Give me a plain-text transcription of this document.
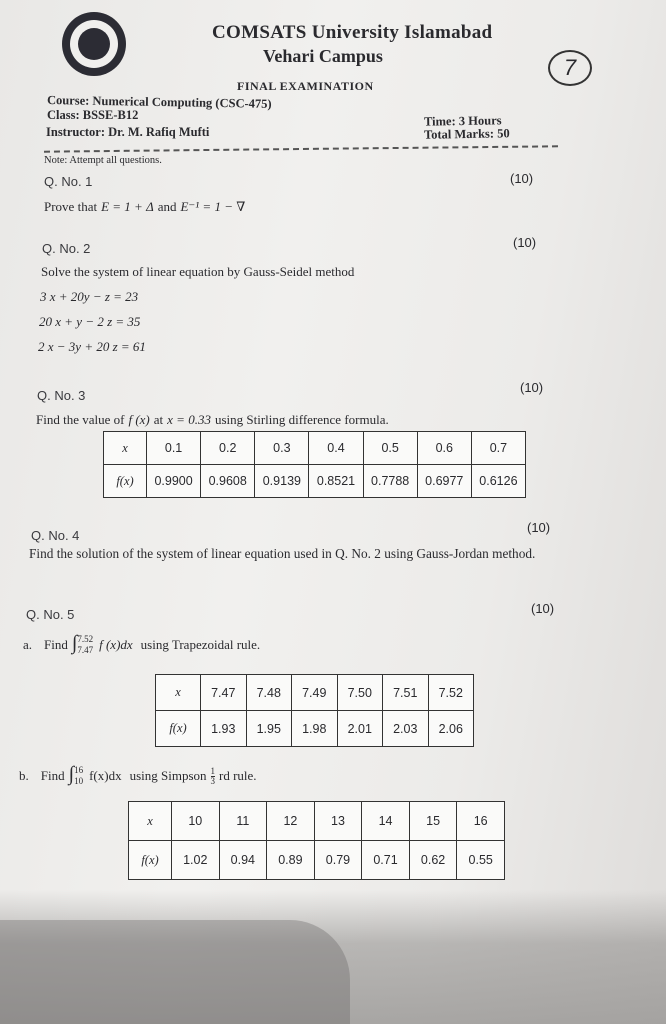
COMSATS University Islamabad
Vehari Campus	7
FINAL EXAMINATION
Course: Numerical Computing (CSC-475)
Class: BSSE-B12
Instructor: Dr. M. Rafiq Mufti
Time: 3 Hours
Total Marks: 50
Note: Attempt all questions.
Q. No. 1	(10)
Prove that E = 1 + Δ and E⁻¹ = 1 − ∇
Q. No. 2	(10)
Solve the system of linear equation by Gauss-Seidel method
3 x + 20y − z = 23
20 x + y − 2 z = 35
2 x − 3y + 20 z = 61
Q. No. 3
(10)
Find the value of f (x) at x = 0.33 using Stirling difference formula.
x	0.1	0.2	0.3	0.4	0.5	0.6	0.7
f(x)	0.9900	0.9608	0.9139	0.8521	0.7788	0.6977	0.6126
Q. No. 4
(10)
Find the solution of the system of linear equation used in Q. No. 2 using Gauss-Jordan method.
Q. No. 5	(10)
a. Find ∫ 7.52
7.47 f (x)dx using Trapezoidal rule.
x	7.47	7.48	7.49	7.50	7.51	7.52
f(x)	1.93	1.95	1.98	2.01	2.03	2.06
b. Find ∫ 16
10 f(x)dx using Simpson $\frac{1}{3}$ rd rule.
x	10	11	12	13	14	15	16
f(x)	1.02	0.94	0.89	0.79	0.71	0.62	0.55
